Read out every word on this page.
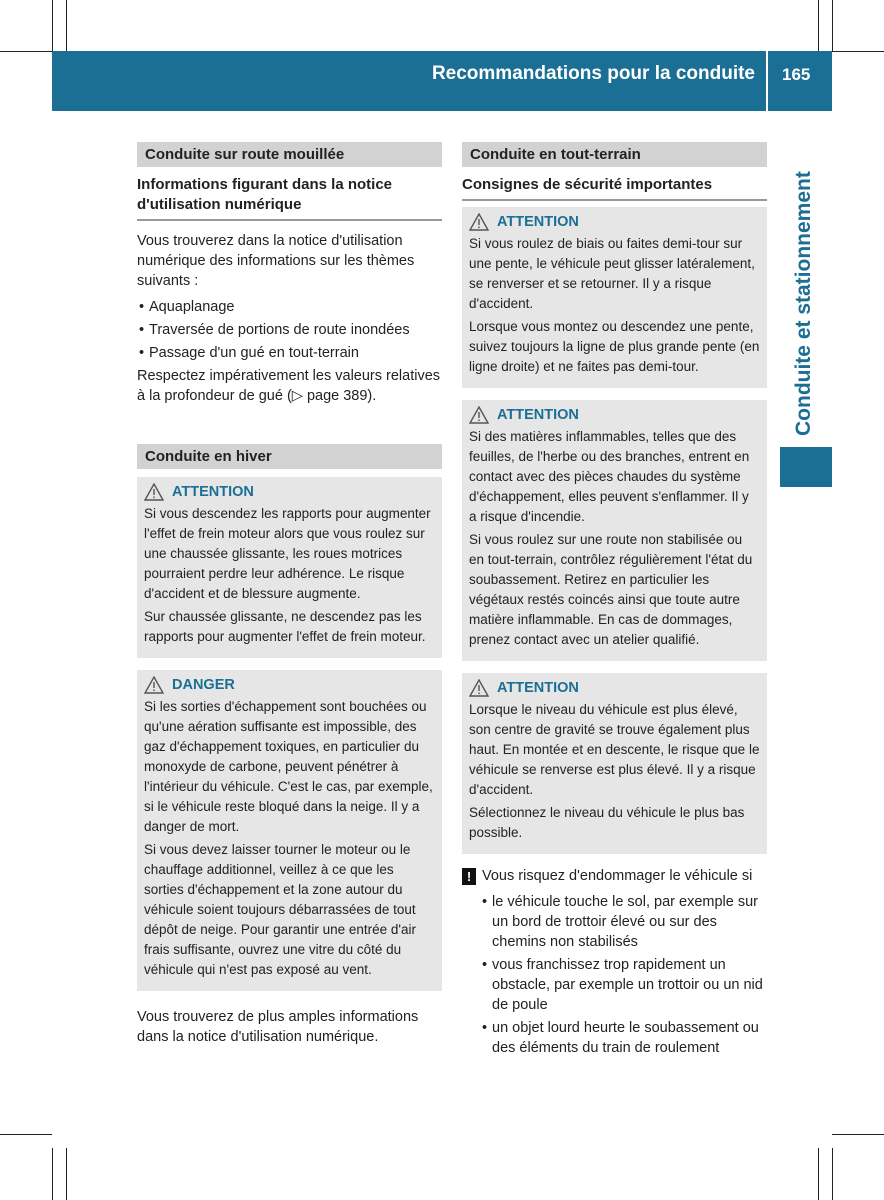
Recommandations pour la conduite 165
Conduite et stationnement
Conduite sur route mouillée
Informations figurant dans la notice d'utilisation numérique

Vous trouverez dans la notice d'utilisation numérique des informations sur les thèmes suivants :

• Aquaplanage
• Traversée de portions de route inondées
• Passage d'un gué en tout-terrain

Respectez impérativement les valeurs relatives à la profondeur de gué (▷ page 389).

Conduite en hiver
ATTENTION

Si vous descendez les rapports pour augmenter l'effet de frein moteur alors que vous roulez sur une chaussée glissante, les roues motrices pourraient perdre leur adhérence. Le risque d'accident et de blessure augmente.

Sur chaussée glissante, ne descendez pas les rapports pour augmenter l'effet de frein moteur.

DANGER

Si les sorties d'échappement sont bouchées ou qu'une aération suffisante est impossible, des gaz d'échappement toxiques, en particulier du monoxyde de carbone, peuvent pénétrer à l'intérieur du véhicule. C'est le cas, par exemple, si le véhicule reste bloqué dans la neige. Il y a danger de mort.

Si vous devez laisser tourner le moteur ou le chauffage additionnel, veillez à ce que les sorties d'échappement et la zone autour du véhicule soient toujours débarrassées de tout dépôt de neige. Pour garantir une entrée d'air frais suffisante, ouvrez une vitre du côté du véhicule qui n'est pas exposé au vent.

Vous trouverez de plus amples informations dans la notice d'utilisation numérique.

Conduite en tout-terrain
Consignes de sécurité importantes
ATTENTION

Si vous roulez de biais ou faites demi-tour sur une pente, le véhicule peut glisser latéralement, se renverser et se retourner. Il y a risque d'accident.

Lorsque vous montez ou descendez une pente, suivez toujours la ligne de plus grande pente (en ligne droite) et ne faites pas demi-tour.

ATTENTION

Si des matières inflammables, telles que des feuilles, de l'herbe ou des branches, entrent en contact avec des pièces chaudes du système d'échappement, elles peuvent s'enflammer. Il y a risque d'incendie.

Si vous roulez sur une route non stabilisée ou en tout-terrain, contrôlez régulièrement l'état du soubassement. Retirez en particulier les végétaux restés coincés ainsi que toute autre matière inflammable. En cas de dommages, prenez contact avec un atelier qualifié.

ATTENTION

Lorsque le niveau du véhicule est plus élevé, son centre de gravité se trouve également plus haut. En montée et en descente, le risque que le véhicule se renverse est plus élevé. Il y a risque d'accident.

Sélectionnez le niveau du véhicule le plus bas possible.

! Vous risquez d'endommager le véhicule si
• le véhicule touche le sol, par exemple sur un bord de trottoir élevé ou sur des chemins non stabilisés
• vous franchissez trop rapidement un obstacle, par exemple un trottoir ou un nid de poule
• un objet lourd heurte le soubassement ou des éléments du train de roulement
